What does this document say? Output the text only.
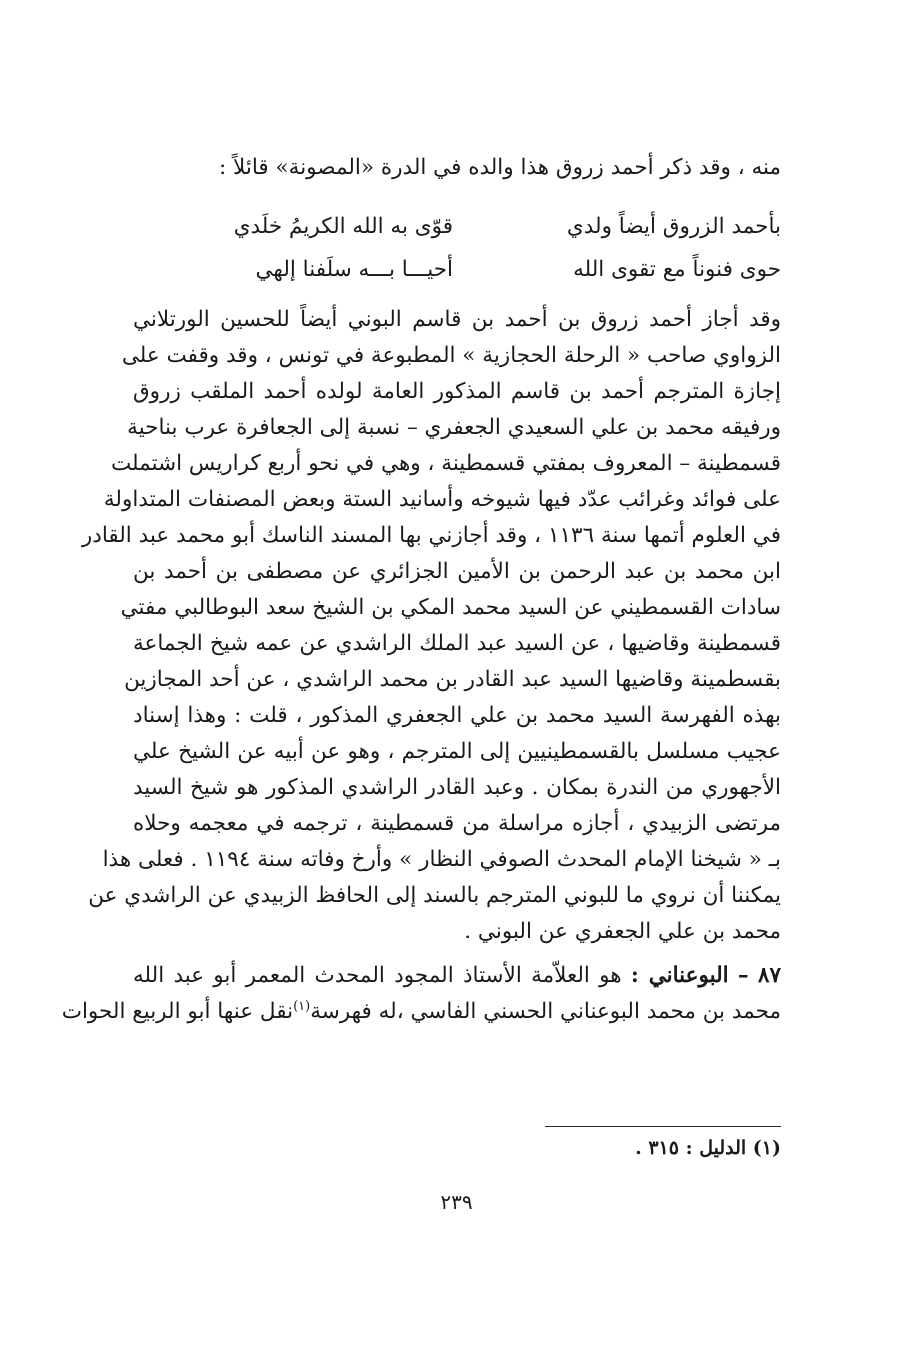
منه ، وقد ذكر أحمد زروق هذا والده في الدرة «المصونة» قائلاً :
بأحمد الزروق أيضاً ولدي
قوّى به الله الكريمُ خلَدي
حوى فنوناً مع تقوى الله
أحيـــا بـــه سلَفنا إلهي
وقد أجاز أحمد زروق بن أحمد بن قاسم البوني أيضاً للحسين الورتلاني
الزواوي صاحب « الرحلة الحجازية » المطبوعة في تونس ، وقد وقفت على
إجازة المترجم أحمد بن قاسم المذكور العامة لولده أحمد الملقب زروق
ورفيقه محمد بن علي السعيدي الجعفري – نسبة إلى الجعافرة عرب بناحية
قسمطينة – المعروف بمفتي قسمطينة ، وهي في نحو أربع كراريس اشتملت
على فوائد وغرائب عدّد فيها شيوخه وأسانيد الستة وبعض المصنفات المتداولة
في العلوم أتمها سنة ١١٣٦ ، وقد أجازني بها المسند الناسك أبو محمد عبد القادر
ابن محمد بن عبد الرحمن بن الأمين الجزائري عن مصطفى بن أحمد بن
سادات القسمطيني عن السيد محمد المكي بن الشيخ سعد البوطالبي مفتي
قسمطينة وقاضيها ، عن السيد عبد الملك الراشدي عن عمه شيخ الجماعة
بقسطمينة وقاضيها السيد عبد القادر بن محمد الراشدي ، عن أحد المجازين
بهذه الفهرسة السيد محمد بن علي الجعفري المذكور ، قلت : وهذا إسناد
عجيب مسلسل بالقسمطينيين إلى المترجم ، وهو عن أبيه عن الشيخ علي
الأجهوري من الندرة بمكان . وعبد القادر الراشدي المذكور هو شيخ السيد
مرتضى الزبيدي ، أجازه مراسلة من قسمطينة ، ترجمه في معجمه وحلاه
بـ « شيخنا الإمام المحدث الصوفي النظار » وأرخ وفاته سنة ١١٩٤ . فعلى هذا
يمكننا أن نروي ما للبوني المترجم بالسند إلى الحافظ الزبيدي عن الراشدي عن
محمد بن علي الجعفري عن البوني .
٨٧ – البوعناني : هو العلاّمة الأستاذ المجود المحدث المعمر أبو عبد الله
محمد بن محمد البوعناني الحسني الفاسي ،له فهرسة$^{(١)}$نقل عنها أبو الربيع الحوات
(١) الدليل : ٣١٥ .
٢٣٩
